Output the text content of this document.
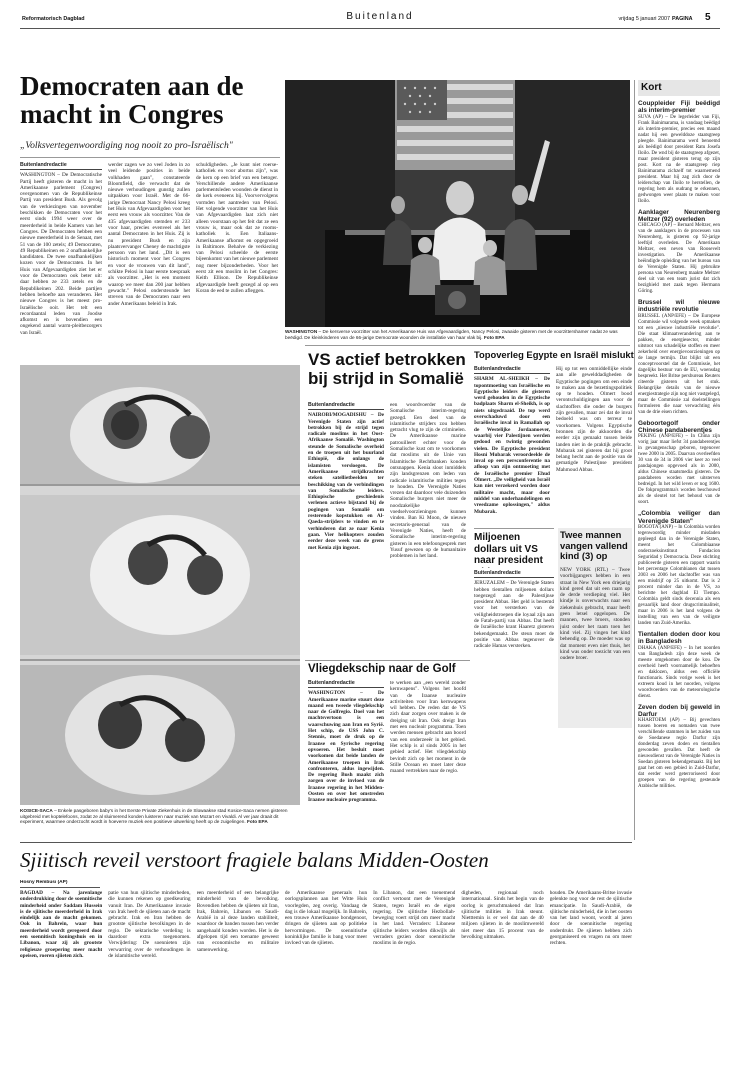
Reformatorisch Dagblad	Buitenland	vrijdag 5 januari 2007 PAGINA	5
Democraten aan de macht in Congres
„Volksvertegenwoordiging nog nooit zo pro-Israëlisch"
Buitenlandredactie

WASHINGTON – De Democratische Partij heeft gisteren de macht in het Amerikaanse parlement (Congres) overgenomen van de Republikeinse Partij van president Bush. Als gevolg van de verkiezingen van november beschikken de Democraten voor het eerst sinds 1994 weer over de meerderheid in beide Kamers van het Congres. De Democraten hebben een nieuwe meerderheid in de Senaat, met 51 van de 100 zetels; 49 Democraten, 49 Republikeinen en 2 onafhankelijke kandidaten. De twee onafhankelijken kozen voor de Democraten. In het Huis van Afgevaardigden ziet het er voor de Democraten ook beter uit: daar hebben ze 233 zetels en de Republikeinen 202. Beide partijen hebben behoefte aan veranderen. Het nieuwe Congres is het meest pro-Israëlische ooit. Het telt een recordaantal leden van Joodse afkomst en is bovendien een ongekend aantal warm-pleitbezorgers van Israël.

werder zagen we zo veel Joden in zo veel leidende posities in beide volkhaden gaan", constateerde Bloomfield, die verwacht dat de nieuwe verhoudingen gunstig zullen uitpakken voor Israël. Met de 66-jarige Democraat Nancy Pelosi kreeg het Huis van Afgevaardigden voor het eerst een vrouw als voorzitter. Van de 435 afgevaardigden stemden er 233 voor haar, precies evenveel als het aantal Democraten in het Huis. Zij is nu president Bush en zijn plaatsvervanger Cheney de machtigste persoon van het land. „Dit is een historisch moment voor het Congres en voor de vrouwen van dit land", schikte Pelosi in haar eerste toespraak als voorzitter. „Het is een moment waarop we meer dan 200 jaar hebben gewacht." Pelosi ondersteunde het streven van de Democraten naar een ander Amerikaans beleid in Irak.

schuldigheden. „Je kunt niet roerse-katholiek en voor abortus zijn", was de kern op een brief van een betoger. Verschillende andere Amerikaanse parlementsleden woonden de dienst in de kerk eveneens bij. Voorvervolgens vormden het aantreden van Pelosi. Het volgende voorzitter van het Huis van Afgevaardigden laat zich niet alleen voorstaan op het feit dat ze een vrouw is, maar ook dat ze rooms-katholiek is. Een Italiaans-Amerikaanse afkomst en opgegroeid in Baltimore. Behalve de verkiezing van Pelosi scheelde de eerste bijeenkomst van het nieuwe parlement nog meer bijzonderheden. Voor het eerst zit een moslim in het Congres: Keith Ellison. De Republikeinse afgevaardigde heeft gezegd al op een Koran de eed te zullen afleggen.

WASHINGTON – De kersverse voorzitter van het Amerikaanse Huis van Afgevaardigden, Nancy Pelosi, zwaaide gisteren met de voorzittershamer nadat ze was beëdigd. De kleinkinderen van de 66-jarige Democrate woonden de installatie van haar vlak bij. Foto EPA
Kort
Couppleider Fiji beëdigd als interim-premier

SUVA (AP) – De legerleider van Fiji, Frank Bainimarama, is vandaag beëdigd als interim-premier, precies een maand nadat hij een gewelddoze staatsgreep pleegde. Bainimarama werd benoemd als beëdigd door president Ratu Josefa Iloilo. De wnd bij de staatsgreep afgezet, maar president gisteren terug op zijn post. Kort na de staatsgreep riep Bainimarama zichzelf tot waarnemend president. Maar hij zag zich door de leiderschap van Iloilo te herstellen, de regering hem als oudrang te erkennen, gedwongen weer plaats te maken voor Iloilo.

Aanklager Neurenberg Meltzer (92) overleden

CHICAGO (AP) – Bernard Meltzer, een van de aanklagers in de processen van Neurenberg, is gisteren op 92-jarige leeftijd overleden. De Amerikaan Meltzer, een neven van Roosevelt investigation. De Amerikaanse beëindigde opleiding van het bureau van de Verenigde Staten. Hij gebruikte persona van Neurenberg maakte Meltzer deel uit van een team jurist dat zich bezighield met zaak tegen Hermann Göring.

Brussel wil nieuwe industriële revolutie

BRUSSEL (ANP/EFE) – De Europese Commissie wil volgende week opmaken tot een „nieuwe industriële revolutie". Die staat klimaatverandering aan te pakken, de energiesector, minder uitstoot van schadelijke stoffen en meer zekerheid over energievoorzieningen op de lange termijn. Dat blijkt uit een conceptvoorstel dat de Commissie, het dagelijks bestuur van de EU, woensdag bespreekt. Het Britse persbureau Reuters citeerde gisteren uit het stuk. Belangrijke details van de nieuwe energiestrategie zijn nog niet vastgelegd, maar de Commissie zal doelstellingen formuleren die naar verwachting één van de drie eisen richten.

Geboortegolf onder Chinese pandaberentjes

PEKING (ANP/EFE) – In China zijn vorig jaar maar liefst 34 pandaberentjes in gevangenschap geboren, tegenover twee 2000 in 2005. Daarvan overleefden 30 van de 34 in 2006 vier keer zo veel pandajongen opgevoed als in 2000, aldus Chinese staatsmedia gisteren. De pandaberen worden met uitsterven bedreigd. In het wild leven er nog 1600. De fokprogramma's worden beschouwd als de sleutel tot het behoud van de soort.

„Colombia veiliger dan Verenigde Staten"

BOGOTA (ANP) – In Colombia worden tegenwoordig minder misdaden gepleegd dan in de Verenigde Staten, meent het Colombiaanse onderzoeksinstituut Fundacion Seguridad y Democracia. Deze stichting publiceerde gisteren een rapport waarin het percentage Colombianen dat tussen 2003 en 2006 het slachtoffer was van een misdrijf op 25 uitkomt. Dat is 2 procent minder dan in de VS, zo berichtte het dagblad El Tiempo. Colombia geldt sinds decennia als een gevaarlijk land door drugscriminaliteit, maar in 2006 is het land volgens de instelling van een van de veiligste landen van Zuid-Amerika.

Tientallen doden door kou in Bangladesh

DHAKA (ANP/EFE) – In het noorden van Bangladesh zijn deze week de meeste omgekomen door de kou. De overheid heeft voornamelijk behoeften en daklozen, aldus een officiële functionaris. Sinds vorige week is het extreem koud in het noorden, volgens woordvoerders van de meteorologische dienst.

Zeven doden bij geweld in Darfur

KHARTOEM (AP) – Bij gevechten tussen boeren en nomaden van twee verschillende stammen in het zuiden van de Soedanese regio Darfur zijn donderdag zeven doden en tientallen gewonden gevallen. Dat heeft de nieuwsdienst van de Verenigde Naties in Soedan gisteren bekendgemaakt. Bij het gaat het om een gebied in Zuid-Darfur, dat eerder werd geterroriseerd door groepen van de regering gesteunde Arabische milities.

KOSICE-SACA – Enkele pasgeboren baby's in het Eerste Private Ziekenhuis in de Slowaakse stad Kosice-Saca nemen gisteren uitgebreid met koptelefoons, zodat ze al sluimerend konden luisteren naar muziek van Mozart en Vivaldi. Al ver jaar draait dit experiment, waarmee onderzocht wordt in hoeverre muziek een positieve uitwerking heeft op de zuigelingen. Foto EPA
VS actief betrokken bij strijd in Somalië
Buitenlandredactie

NAIROBI/MOGADISHU – De Verenigde Staten zijn actief betrokken bij de strijd tegen radicale moslims in het Oost-Afrikaanse Somalië. Washington steunde de Somalische overheid en de troepen uit het buurland Ethiopië, die onlangs de islamisten versloegen. De Amerikaanse strijdkrachten steken satellietbeelden ter beschikking van de verbindingen van Somalische leiders. Ethiopische geschiedenis verlenen actieve bijstand bij de pogingen van Somalië om resterende kopstukken en Al-Qaeda-strijders te vinden en te verhinderen dat ze naar Kenia gaan. Vier helikopters zouden eerder deze week van de grens met Kenia zijn ingezet.

een woordvoerder van de Somalische interim-regering gezegd. Een deel van de islamitische strijders zou hebben getracht vlug te zijn de criminelen. De Amerikaanse marine patrouilleert echter voor de Somalische kust om te voorkomen dat moslims uit de Unie van Islamitische Rechtbanken konden ontsnappen. Kenia sloot inmiddels zijn landsgrenzen om leden van radicale islamitische milities tegen te houden. De Verenigde Naties vrezen dat daardoor vele duizenden Somalische burgers niet meer de noodzakelijke voedselvoorzieningen kunnen vinden. Ban Ki Moon, de nieuwe secretaris-generaal van de Verenigde Naties, heeft de Somalische interim-regering gisteren in een telefoongesprek met Yusuf gewezen op de humanitaire problemen in het land.

Topoverleg Egypte en Israël mislukt
Buitenlandredactie

SHARM AL-SHEIKH – De topontmoeting van Israëlische en Egyptische leiders die gisteren werd gehouden in de Egyptische badplaats Sharm el-Sheikh, is op niets uitgedraaid. De top werd overschaduwd door een Israëlische inval in Ramallah op de Westelijke Jordaanoever, waarbij vier Palestijnen werden gedood en twintig gewonden vielen. De Egyptische president Hosni Mubarak veroordeelde de inval op een persconferentie na afloop van zijn ontmoeting met de Israëlische premier Ehud Olmert. „De veiligheid van Israël kan niet verzekerd worden door militaire macht, maar door middel van onderhandelingen en vreedzame oplossingen," aldus Mubarak.

Hij op tot een onmiddellijke einde aan alle gewelddadigheden de Egyptische pogingen om een einde te maken aan de bezettingspolitiek op te houden. Olmert bood verontschuldigingen aan voor de slachtoffers die onder de burgers zijn gevallen, maar zei dat de inval bedoeld was om terreur te voorkomen. Volgens Egyptische bronnen zijn de akkoorden die eerder zijn gemaakt tussen beide landen niet in de praktijk gebracht. Mubarak zei gisteren dat hij groot belang hecht aan de positie van de gematigde Palestijnse president Mahmoud Abbas.

Miljoenen dollars uit VS naar president
Buitenlandredactie

JERUZALEM – De Verenigde Staten hebben tientallen miljoenen dollars toegezegd aan de Palestijnse president Abbas. Het geld is bestemd voor het versterken van de veiligheidstroepen die loyaal zijn aan de Fatah-partij van Abbas. Dat heeft de Israëlische krant Haaretz gisteren bekendgemaakt. De steun moet de positie van Abbas tegenover de radicale Hamas versterken.

Twee mannen vangen vallend kind (3) op

NEW YORK (RTL) – Twee voorbijgangers hebben in een straat in New York een driejarig kind gered dat uit een raam op de derde verdieping viel. Het kindje is onverwachts naar een ziekenhuis gebracht, maar heeft geen letsel opgelopen. De mannen, twee broers, stonden juist onder het raam toen het kind viel. Zij vingen het kind behendig op. De moeder was op dat moment even niet thuis, het kind was onder toezicht van een oudere broer.

Vliegdekschip naar de Golf
Buitenlandredactie

WASHINGTON – De Amerikaanse marine stuurt deze maand een tweede vliegdekschip naar de Golfregio. Doel van het machtsvertoon is een waarschuwing aan Iran en Syrië. Het schip, de USS John C. Stennis, moet de druk op de Iraanse en Syrische regering opvoeren. Het besluit moet voorkomen dat beide landen de Amerikaanse troepen in Irak confronteren, aldus ingewijden. De regering Bush maakt zich zorgen over de invloed van de Iraanse regering in het Midden-Oosten en over het omstreden Iraanse nucleaire programma.

te werken aan „een wereld zonder kernwapens". Volgens het hoofd van de Iraanse nucleaire activiteiten voor Iran kernwapens wil hebben. De reden dat de VS zich daar zorgen over maken is de dreiging uit Iran. Ook dreigt Iran met een nucleair programma. Toen werden mensen gebracht aan boord van een onderzeeër in het gebied. Het schip is al sinds 2005 in het gebied actief. Het vliegdekschip bevindt zich op het moment in de Stille Oceaan en moet later deze maand vertrekken naar de regio.

Sjiitisch reveil verstoort fragiele balans Midden-Oosten
Hosny Rembusi (AP)

BAGDAD – Na jarenlange onderdrukking door de soennitische minderheid onder Saddam Hussein is de sjiitische meerderheid in Irak eindelijk aan de macht gekomen. Ook in Bahrein, waar hun meerderheid wordt geregeerd door een soennitisch koningshuis en in Libanon, waar zij als grootste religieuze groepering meer macht opeisen, roeren sjiieten zich.

patie van hun sjiitische minderheden, die kunnen rekenen op goedkeuring vanuit Iran. De Amerikaanse invasie van Irak heeft de sjiieten aan de macht gebracht. Irak en Iran hebben de grootste sjiitische bevolkingen in de regio. De sektarische verdeling is daardoor extra toegenomen. Verwijdering: De soennieten zijn verwarring over de verhoudingen in de islamitische wereld.

een meerderheid of een belangrijke minderheid van de bevolking. Bovendien hebben de sjiieten uit Iran, Irak, Bahrein, Libanon en Saudi-Arabië in al deze landen stabiliteit, waardoor de banden tussen hen verder aangehaald konden worden. Het is de afgelopen tijd een toename geweest van economische en militaire samenwerking.

de Amerikaanse generaals hun oorlogsplannen aan het Witte Huis voorlegden, zeg overig. Vandaag de dag is die lokaal mogelijk. In Bahrein, een trouwe Amerikaanse bondgenoot, dringen de sjiieten aan op politieke hervormingen. De soennitische koninklijke familie is bang voor meer invloed van de sjiieten.

In Libanon, dat een toenemend conflict vertoont met de Verenigde Staten, tegen Israël en de eigen regering. De sjiitische Hezbollah-beweging voert strijd om meer macht in het land. Verraders: Libanese sjiitische leiders worden dikwijls als verraders gezien door soennitische moslims in de regio.

digheden, regionaal noch internationaal. Sinds het begin van de oorlog is geruchtmakend dat Iran sjiitische milities in Irak steunt. Nietttemin is er wel dat aan de 40 miljoen sjiieten in de moslimwereld niet meer dan 15 procent van de bevolking uitmaken.

houden. De Amerikaans-Britse invasie gelenkte nog voor de rest de sjiitische emancipatie. In Saudi-Arabië, de sjiitische minderheid, die in het oosten van het land woont, wordt al jaren door de soennitische regering onderdrukt. De sjiieten hebben zich georganiseerd en vragen nu om meer rechten.
